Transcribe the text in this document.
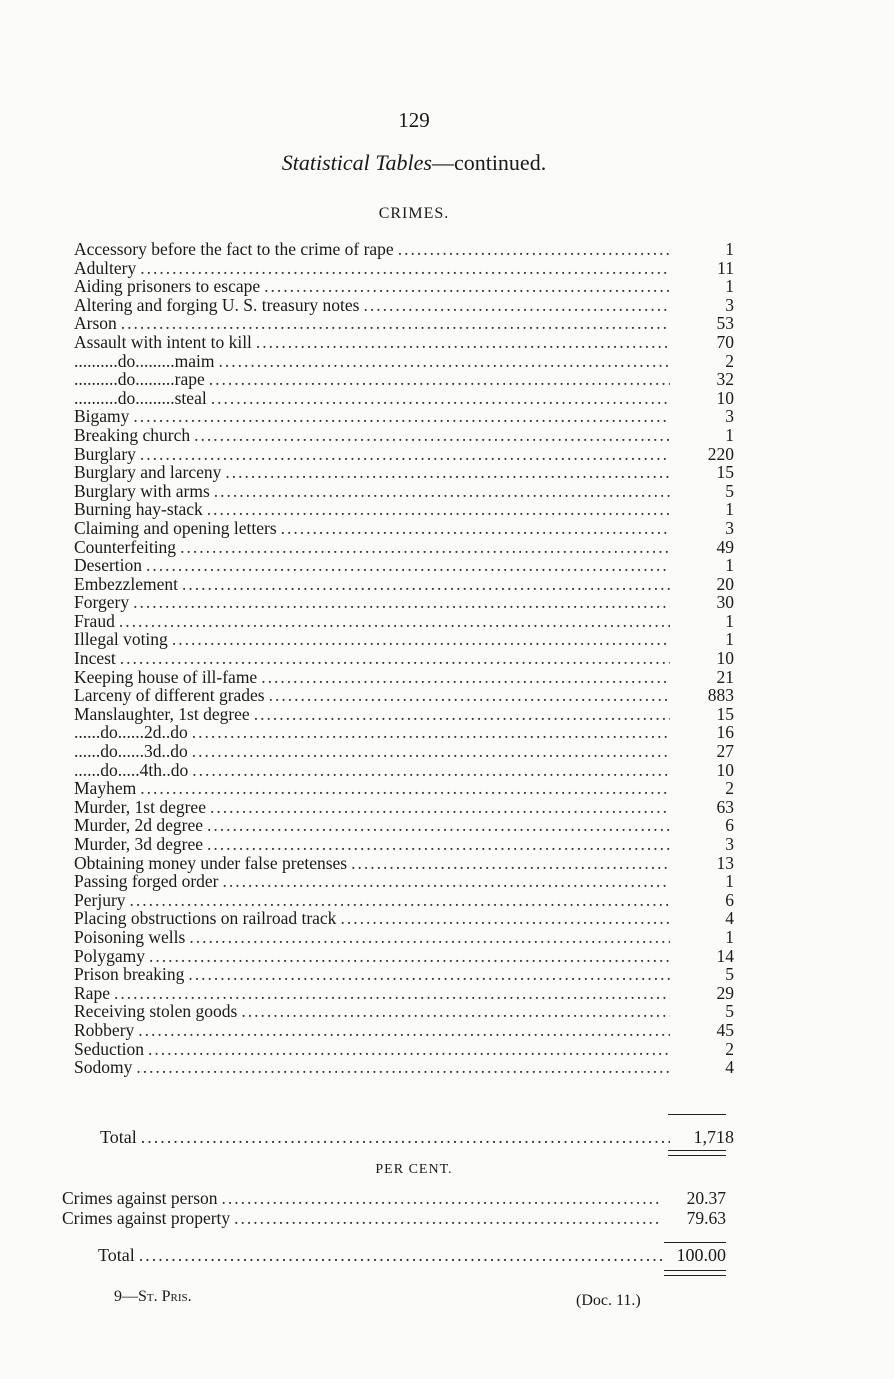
129
Statistical Tables—continued.
CRIMES.
Accessory before the fact to the crime of rape .....	1
Adultery .....	11
Aiding prisoners to escape .....	1
Altering and forging U. S. treasury notes .....	3
Arson .....	53
Assault with intent to kill .....	70
..........do.........maim .....	2
..........do.........rape .....	32
..........do.........steal .....	10
Bigamy .....	3
Breaking church .....	1
Burglary .....	220
Burglary and larceny .....	15
Burglary with arms .....	5
Burning hay-stack .....	1
Claiming and opening letters .....	3
Counterfeiting .....	49
Desertion .....	1
Embezzlement .....	20
Forgery .....	30
Fraud .....	1
Illegal voting .....	1
Incest .....	10
Keeping house of ill-fame .....	21
Larceny of different grades .....	883
Manslaughter, 1st degree .....	15
......do......2d..do .....	16
......do......3d..do .....	27
......do.....4th..do .....	10
Mayhem .....	2
Murder, 1st degree .....	63
Murder, 2d degree .....	6
Murder, 3d degree .....	3
Obtaining money under false pretenses .....	13
Passing forged order .....	1
Perjury .....	6
Placing obstructions on railroad track .....	4
Poisoning wells .....	1
Polygamy .....	14
Prison breaking .....	5
Rape .....	29
Receiving stolen goods .....	5
Robbery .....	45
Seduction .....	2
Sodomy .....	4
Total .....	1,718
PER CENT.
Crimes against person .....	20.37
Crimes against property .....	79.63
Total .....	100.00
9—St. Pris.	(Doc. 11.)
